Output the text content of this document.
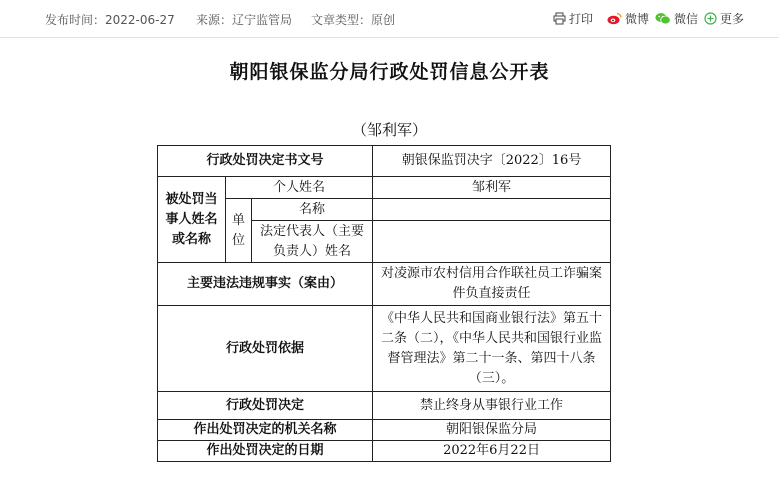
发布时间：2022-06-27 来源：辽宁监管局 文章类型：原创	打印	微博 微信 更多
朝阳银保监分局行政处罚信息公开表
（邹利军）
行政处罚决定书文号			朝银保监罚决字〔2022〕16号
被处罚当事人姓名或名称	个人姓名		邹利军
	单位	名称	
		法定代表人（主要负责人）姓名	

主要违法违规事实（案由）			对凌源市农村信用合作联社员工诈骗案件负直接责任
行政处罚依据			《中华人民共和国商业银行法》第五十二条（二），《中华人民共和国银行业监督管理法》第二十一条、第四十八条（三）。
行政处罚决定			禁止终身从事银行业工作
作出处罚决定的机关名称			朝阳银保监分局
作出处罚决定的日期			2022年6月22日
